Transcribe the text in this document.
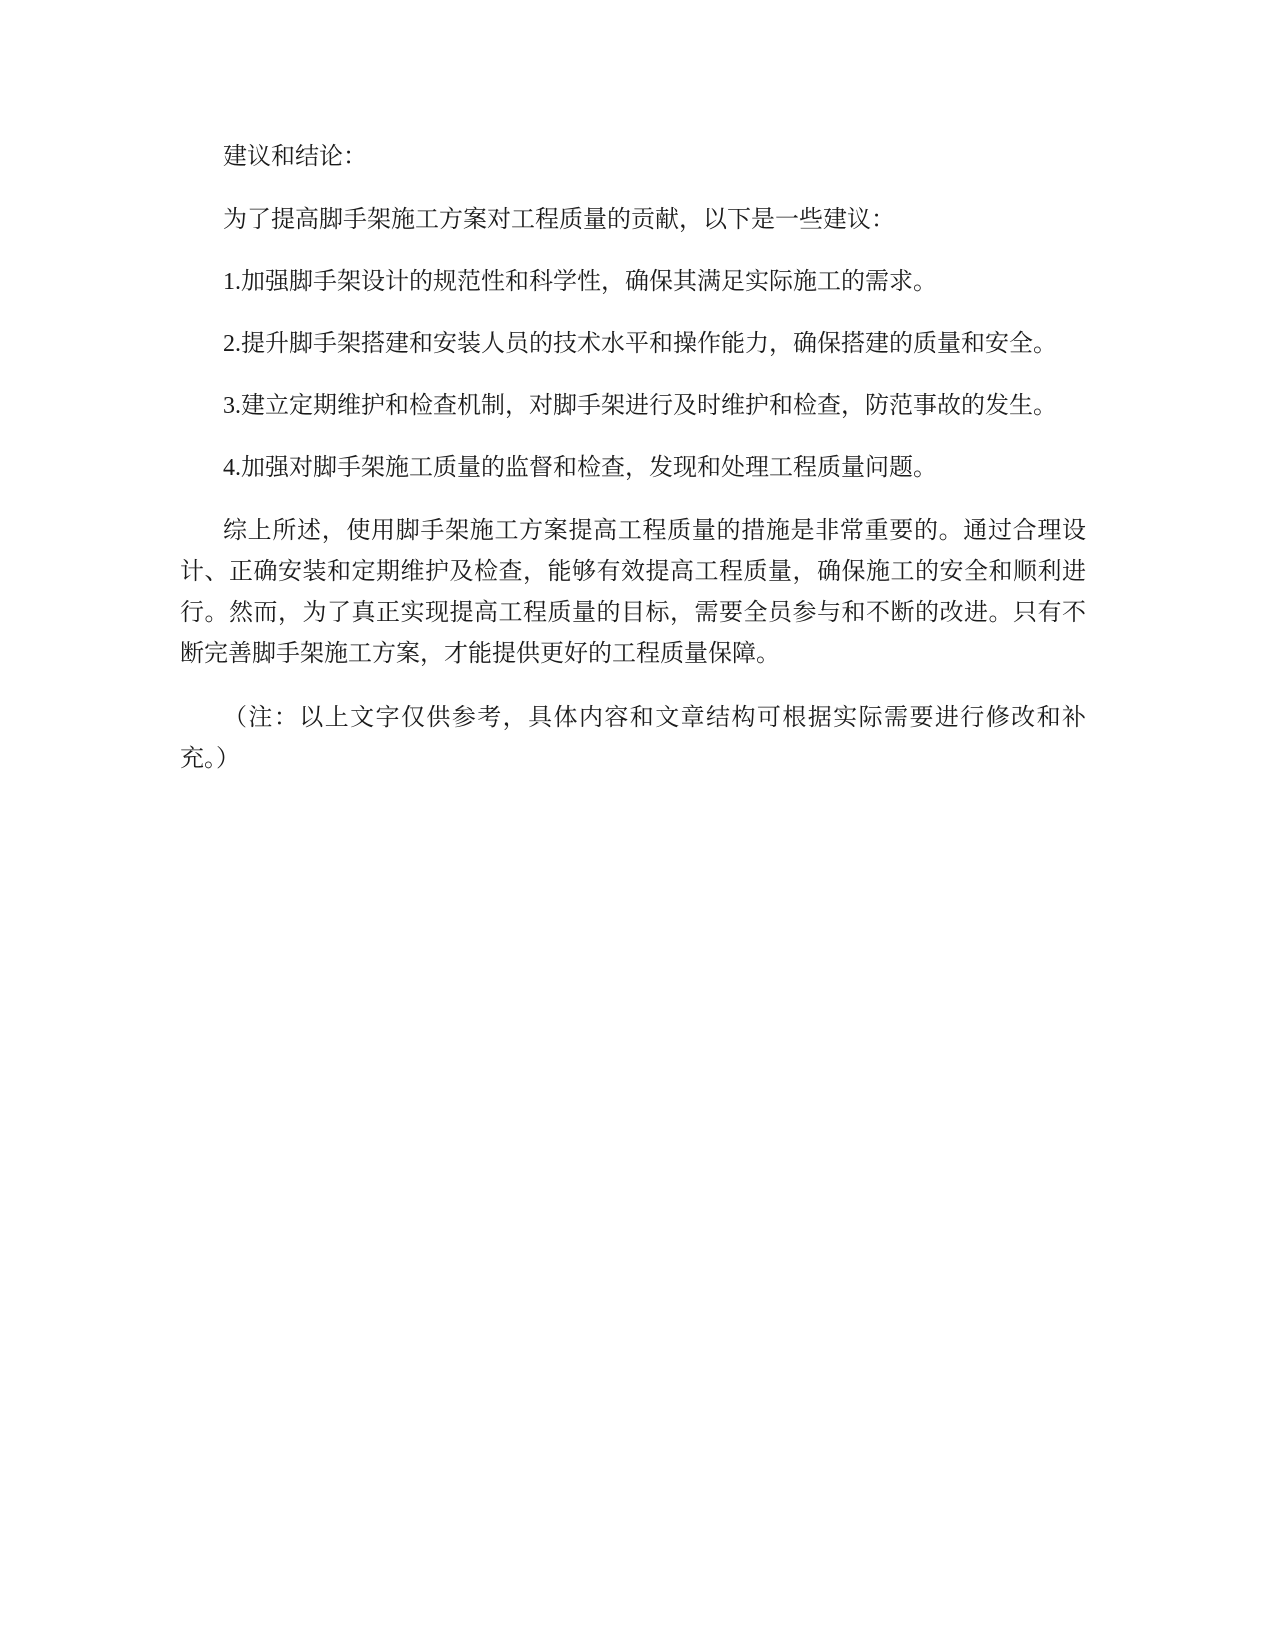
建议和结论：

为了提高脚手架施工方案对工程质量的贡献，以下是一些建议：

1.加强脚手架设计的规范性和科学性，确保其满足实际施工的需求。

2.提升脚手架搭建和安装人员的技术水平和操作能力，确保搭建的质量和安全。

3.建立定期维护和检查机制，对脚手架进行及时维护和检查，防范事故的发生。

4.加强对脚手架施工质量的监督和检查，发现和处理工程质量问题。

综上所述，使用脚手架施工方案提高工程质量的措施是非常重要的。通过合理设计、正确安装和定期维护及检查，能够有效提高工程质量，确保施工的安全和顺利进行。然而，为了真正实现提高工程质量的目标，需要全员参与和不断的改进。只有不断完善脚手架施工方案，才能提供更好的工程质量保障。

（注：以上文字仅供参考，具体内容和文章结构可根据实际需要进行修改和补充。）
